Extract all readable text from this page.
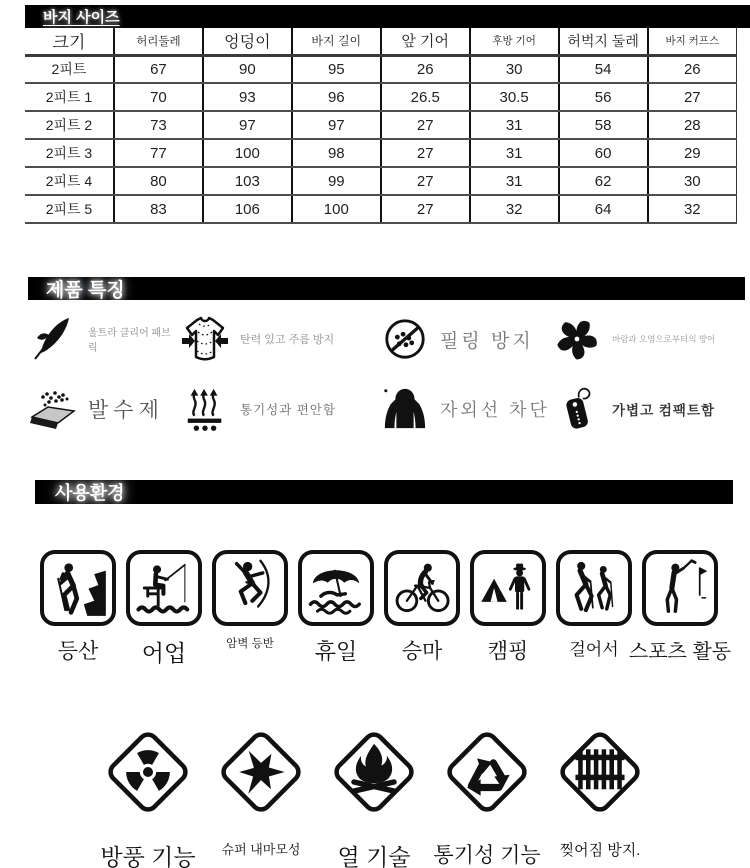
바지 사이즈
크기	허리둘레	엉덩이	바지 길이	앞 기어	후방 기어	허벅지 둘레	바지 커프스
2피트	67	90	95	26	30	54	26
2피트 1	70	93	96	26.5	30.5	56	27
2피트 2	73	97	97	27	31	58	28
2피트 3	77	100	98	27	31	60	29
2피트 4	80	103	99	27	31	62	30
2피트 5	83	106	100	27	32	64	32
제품 특징
울트라 클리어 패브릭
탄력 있고 주름 방지	필링 방지	바람과 오염으로부터의 방어
발수제	통기성과 편안함	자외선 차단	가볍고 컴팩트함
사용환경
등산 어업	암벽 등반 휴일 승마 캠핑 걸어서 스포츠 활동
방풍 기능 슈퍼 내마모성 열 기술 통기성 기능 찢어짐 방지.
